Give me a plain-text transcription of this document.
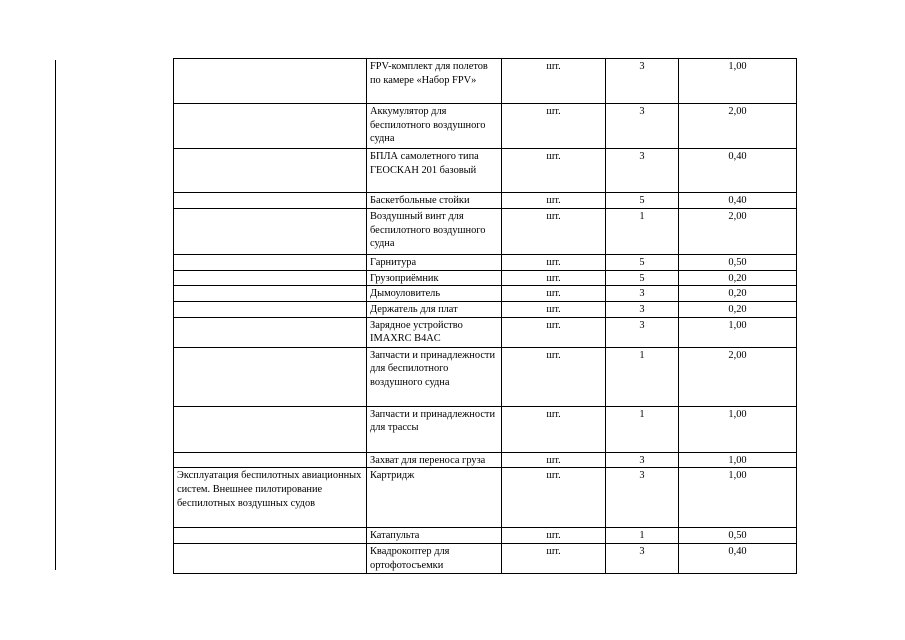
	FPV-комплект для полетов по камере «Набор FPV»	шт.	3	1,00
	Аккумулятор для беспилотного воздушного судна	шт.	3	2,00
	БПЛА самолетного типа ГЕОСКАН 201 базовый	шт.	3	0,40
	Баскетбольные стойки	шт.	5	0,40
	Воздушный винт для беспилотного воздушного судна	шт.	1	2,00
	Гарнитура	шт.	5	0,50
	Грузоприёмник	шт.	5	0,20
	Дымоуловитель	шт.	3	0,20
	Держатель для плат	шт.	3	0,20
	Зарядное устройство IMAXRC B4AC	шт.	3	1,00
	Запчасти и принадлежности для беспилотного воздушного судна	шт.	1	2,00
	Запчасти и принадлежности для трассы	шт.	1	1,00
	Захват для переноса груза	шт.	3	1,00
Эксплуатация беспилотных авиационных систем. Внешнее пилотирование беспилотных воздушных судов	Картридж	шт.	3	1,00
	Катапульта	шт.	1	0,50
	Квадрокоптер для ортофотосъемки	шт.	3	0,40
